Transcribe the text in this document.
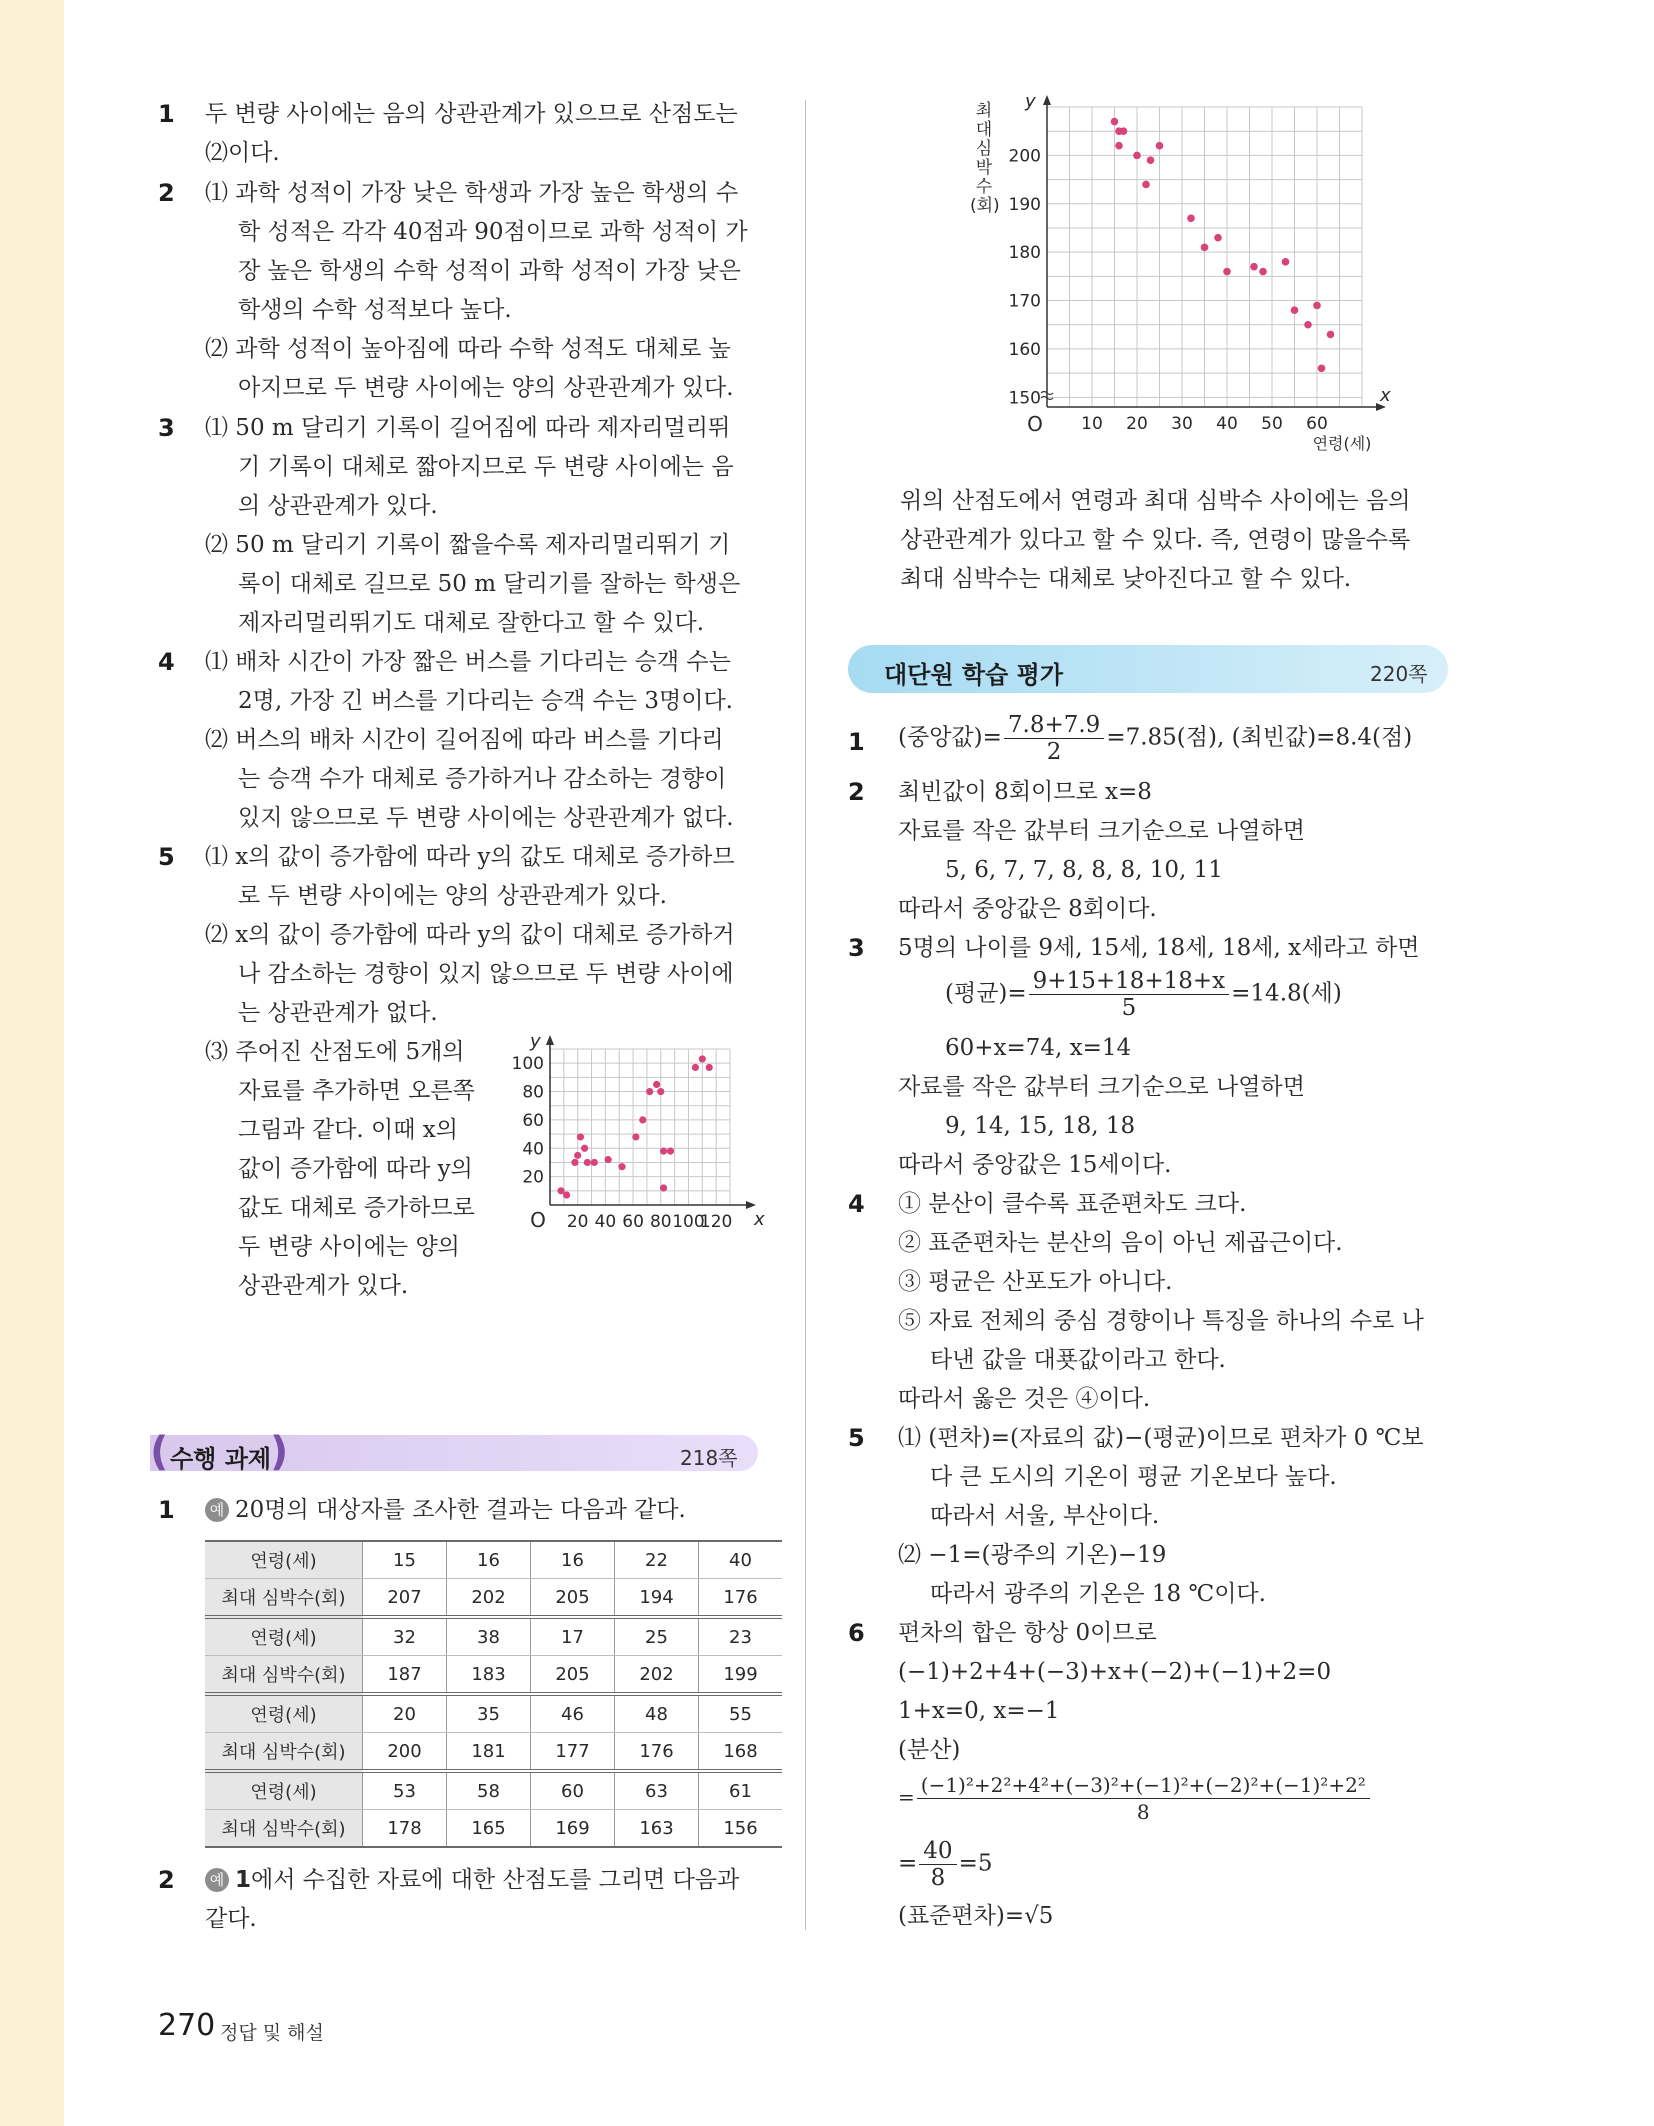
1 두 변량 사이에는 음의 상관관계가 있으므로 산점도는
⑵이다.
2 ⑴ 과학 성적이 가장 낮은 학생과 가장 높은 학생의 수
학 성적은 각각 40점과 90점이므로 과학 성적이 가
장 높은 학생의 수학 성적이 과학 성적이 가장 낮은
학생의 수학 성적보다 높다.
⑵ 과학 성적이 높아짐에 따라 수학 성적도 대체로 높
아지므로 두 변량 사이에는 양의 상관관계가 있다.
3 ⑴ 50 m 달리기 기록이 길어짐에 따라 제자리멀리뛰
기 기록이 대체로 짧아지므로 두 변량 사이에는 음
의 상관관계가 있다.
⑵ 50 m 달리기 기록이 짧을수록 제자리멀리뛰기 기
록이 대체로 길므로 50 m 달리기를 잘하는 학생은
제자리멀리뛰기도 대체로 잘한다고 할 수 있다.
4 ⑴ 배차 시간이 가장 짧은 버스를 기다리는 승객 수는
2명, 가장 긴 버스를 기다리는 승객 수는 3명이다.
⑵ 버스의 배차 시간이 길어짐에 따라 버스를 기다리
는 승객 수가 대체로 증가하거나 감소하는 경향이
있지 않으므로 두 변량 사이에는 상관관계가 없다.
5 ⑴ x의 값이 증가함에 따라 y의 값도 대체로 증가하므
로 두 변량 사이에는 양의 상관관계가 있다.
⑵ x의 값이 증가함에 따라 y의 값이 대체로 증가하거
나 감소하는 경향이 있지 않으므로 두 변량 사이에
는 상관관계가 없다.
⑶ 주어진 산점도에 5개의
자료를 추가하면 오른쪽
그림과 같다. 이때 x의
값이 증가함에 따라 y의
값도 대체로 증가하므로
두 변량 사이에는 양의
상관관계가 있다.
O 20 40 60 80 100
120
20
40
60
80
100
x
y
(	)
수행 과제	218쪽
1	예 20명의 대상자를 조사한 결과는 다음과 같다.
연령(세)	15	16	16	22	40
최대 심박수(회)	207	202	205	194	176
연령(세)	32	38	17	25	23
최대 심박수(회)	187	183	205	202	199
연령(세)	20	35	46	48	55
최대 심박수(회)	200	181	177	176	168
연령(세)	53	58	60	63	61
최대 심박수(회)	178	165	169	163	156
2	예 1에서 수집한 자료에 대한 산점도를 그리면 다음과
같다.
10 20 30 40 50 60
150
160
170
180
190
200
O
x
y
연령(세)
최대 심박수(회)
위의 산점도에서 연령과 최대 심박수 사이에는 음의
상관관계가 있다고 할 수 있다. 즉, 연령이 많을수록
최대 심박수는 대체로 낮아진다고 할 수 있다.
대단원 학습 평가	220쪽
1 (중앙값)= $\frac{7.8+7.9}{2} =7.85$(점), (최빈값)=8.4(점)
2 최빈값이 8회이므로 x=8
자료를 작은 값부터 크기순으로 나열하면
5, 6, 7, 7, 8, 8, 8, 10, 11
따라서 중앙값은 8회이다.
3 5명의 나이를 9세, 15세, 18세, 18세, x세라고 하면
(평균)= $\frac{9+15+18+18+x}{5} =14.8$(세)
60+x=74, x=14
자료를 작은 값부터 크기순으로 나열하면
9, 14, 15, 18, 18
따라서 중앙값은 15세이다.
4 ① 분산이 클수록 표준편차도 크다.
② 표준편차는 분산의 음이 아닌 제곱근이다.
③ 평균은 산포도가 아니다.
⑤ 자료 전체의 중심 경향이나 특징을 하나의 수로 나
타낸 값을 대푯값이라고 한다.
따라서 옳은 것은 ④이다.
5 ⑴ (편차)=(자료의 값)−(평균)이므로 편차가 0 ℃보
다 큰 도시의 기온이 평균 기온보다 높다.
따라서 서울, 부산이다.
⑵ −1=(광주의 기온)−19
따라서 광주의 기온은 18 ℃이다.
6 편차의 합은 항상 0이므로
(−1)+2+4+(−3)+x+(−2)+(−1)+2=0
1+x=0, x=−1
(분산)
= $\frac{\text{(−1)²+2²+4²+(−3)²+(−1)²+(−2)²+(−1)²+2²}}{8}$
= $\frac{40}{8} =5$
(표준편차)=√5
270 정답 및 해설
